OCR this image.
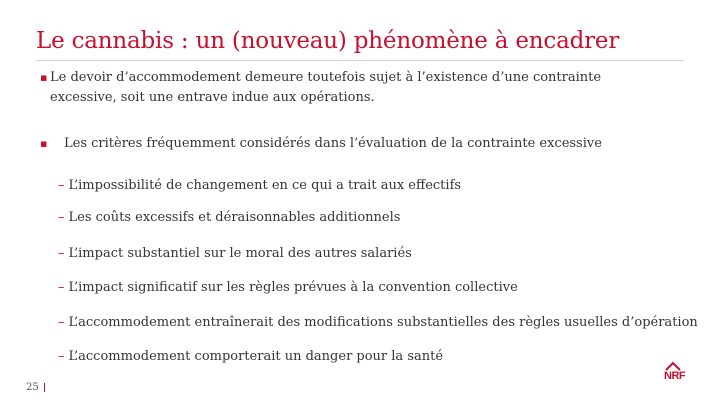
Le cannabis : un (nouveau) phénomène à encadrer
▪ Le devoir d’accommodement demeure toutefois sujet à l’existence d’une contrainte excessive, soit une entrave indue aux opérations.
▪	Les critères fréquemment considérés dans l’évaluation de la contrainte excessive
– L’impossibilité de changement en ce qui a trait aux effectifs
– Les coûts excessifs et déraisonnables additionnels
– L’impact substantiel sur le moral des autres salariés
– L’impact significatif sur les règles prévues à la convention collective
– L’accommodement entraînerait des modifications substantielles des règles usuelles d’opération
– L’accommodement comporterait un danger pour la santé
25
NRF
